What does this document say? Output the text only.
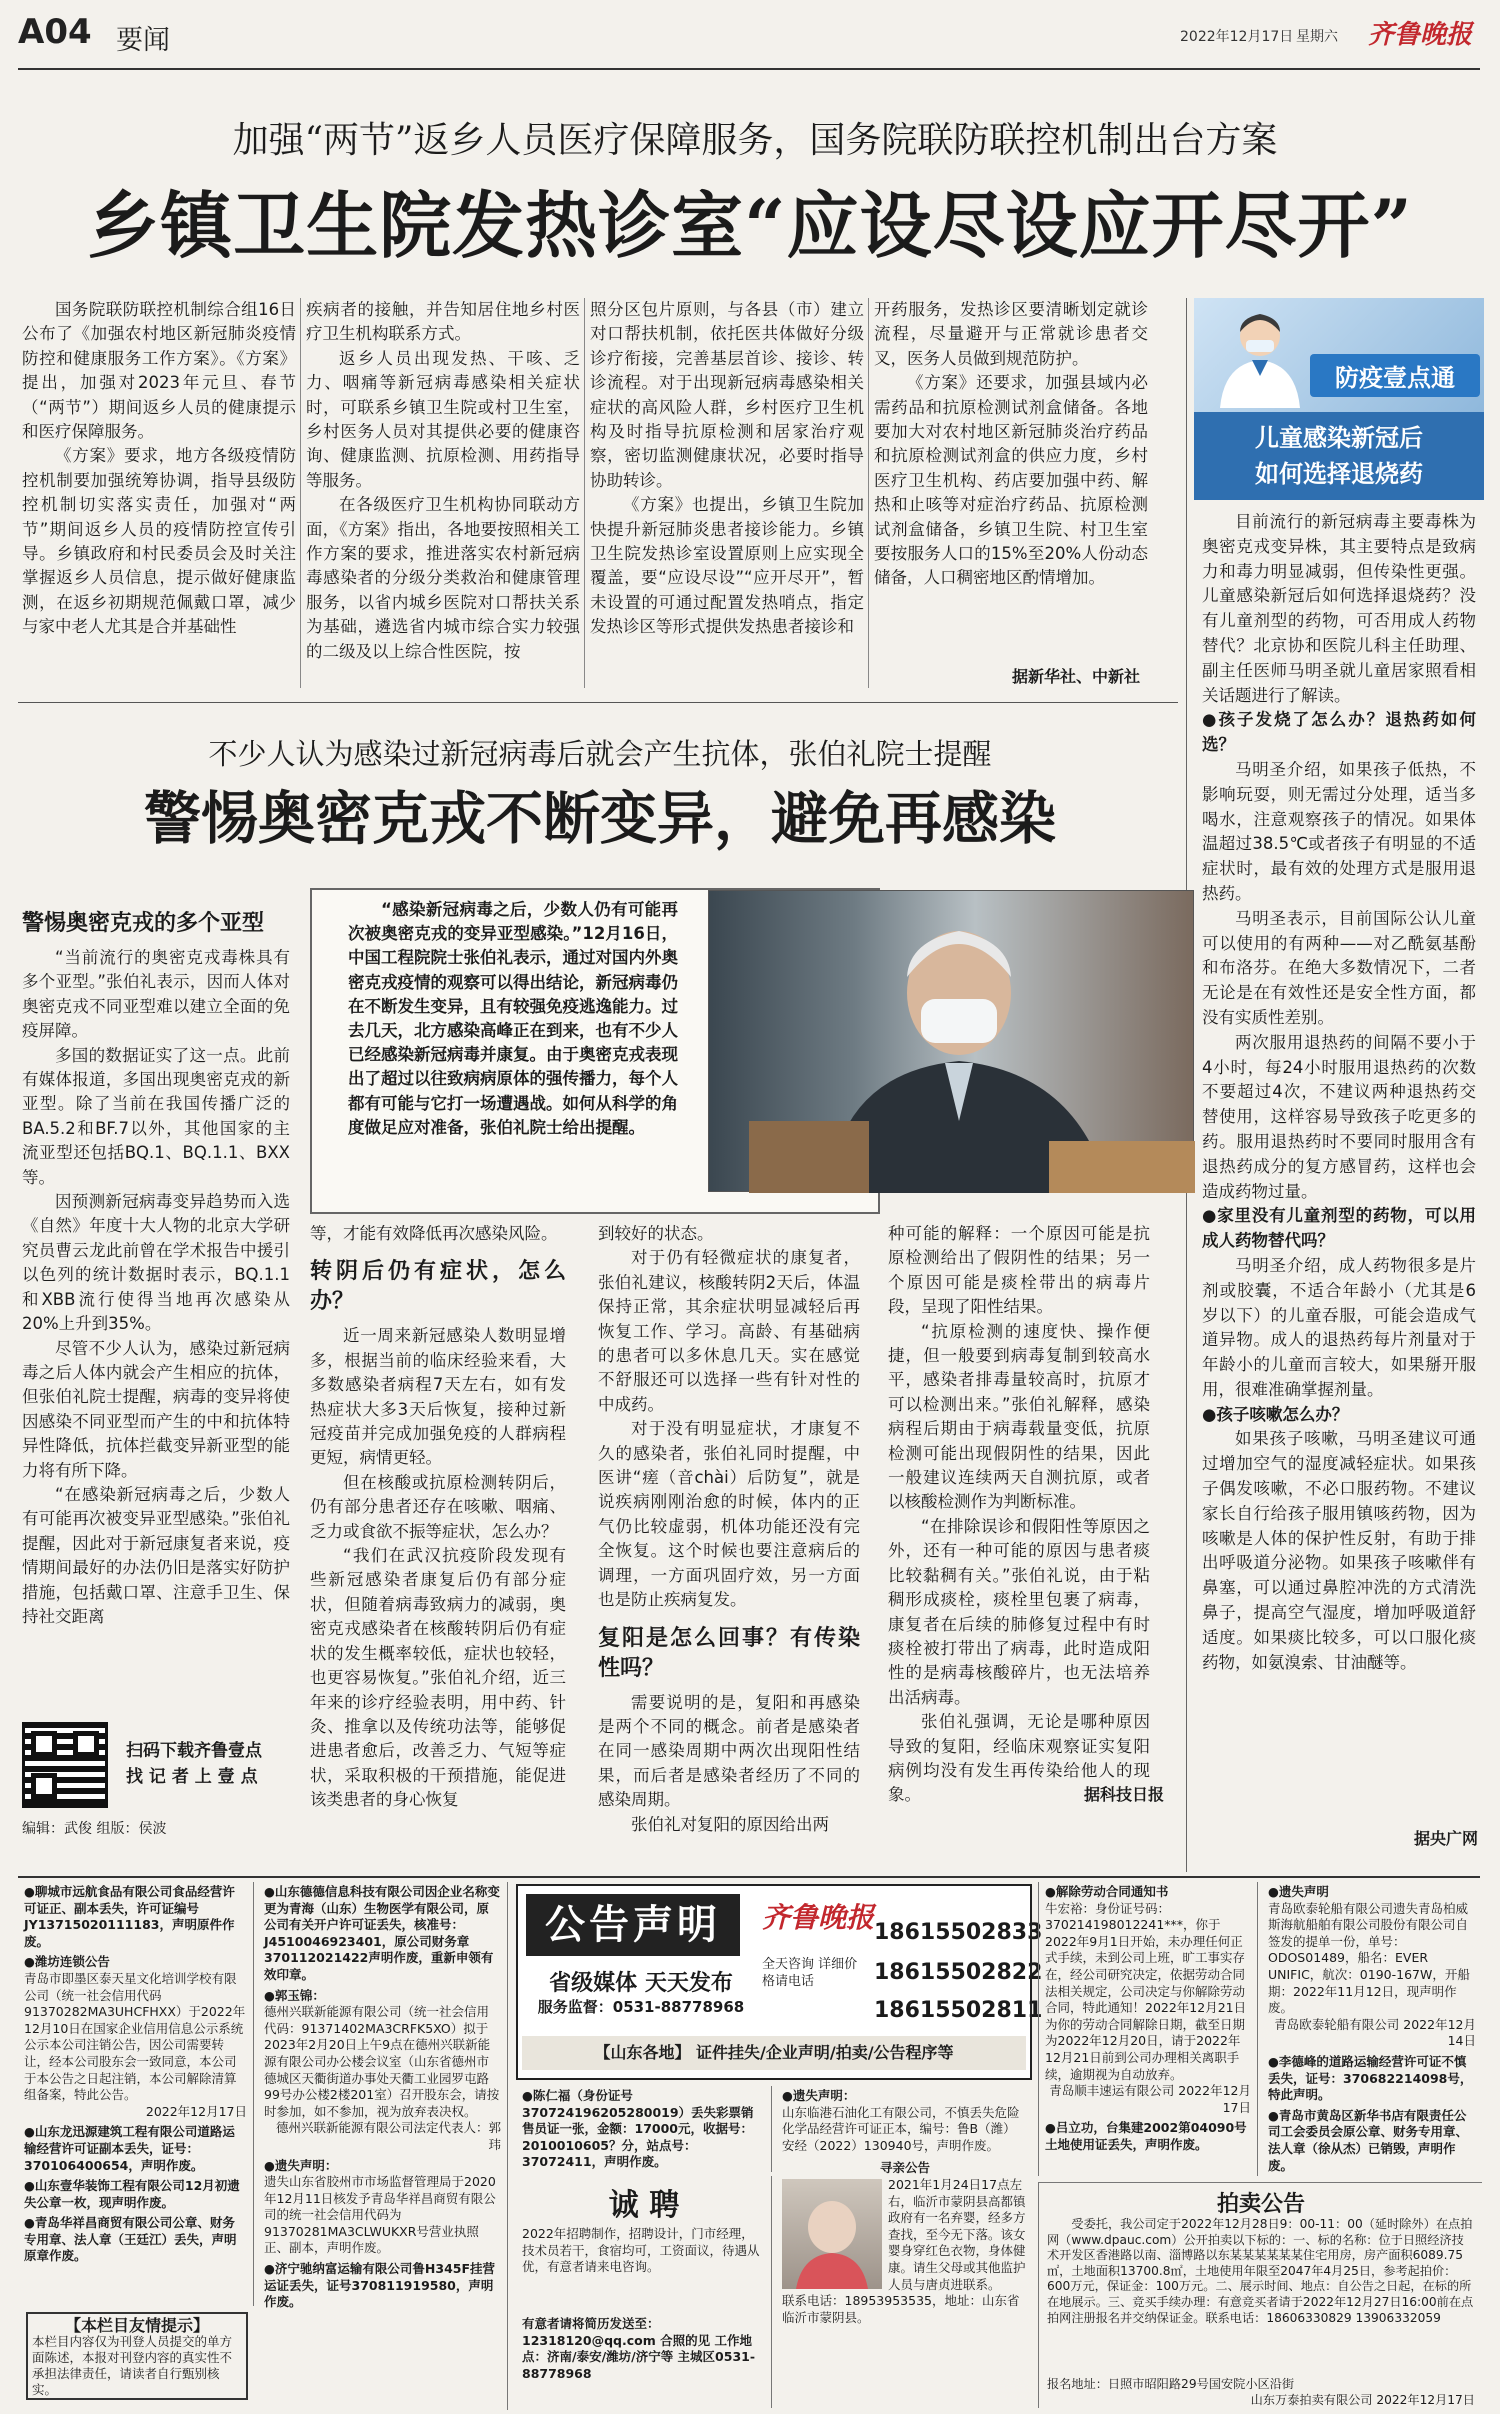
A04 要闻	2022年12月17日 星期六 齐鲁晚报
加强“两节”返乡人员医疗保障服务，国务院联防联控机制出台方案
乡镇卫生院发热诊室“应设尽设应开尽开”

国务院联防联控机制综合组16日公布了《加强农村地区新冠肺炎疫情防控和健康服务工作方案》。《方案》提出，加强对2023年元旦、春节（“两节”）期间返乡人员的健康提示和医疗保障服务。

《方案》要求，地方各级疫情防控机制要加强统筹协调，指导县级防控机制切实落实责任，加强对“两节”期间返乡人员的疫情防控宣传引导。乡镇政府和村民委员会及时关注掌握返乡人员信息，提示做好健康监测，在返乡初期规范佩戴口罩，减少与家中老人尤其是合并基础性

疾病者的接触，并告知居住地乡村医疗卫生机构联系方式。

返乡人员出现发热、干咳、乏力、咽痛等新冠病毒感染相关症状时，可联系乡镇卫生院或村卫生室，乡村医务人员对其提供必要的健康咨询、健康监测、抗原检测、用药指导等服务。

在各级医疗卫生机构协同联动方面，《方案》指出，各地要按照相关工作方案的要求，推进落实农村新冠病毒感染者的分级分类救治和健康管理服务，以省内城乡医院对口帮扶关系为基础，遴选省内城市综合实力较强的二级及以上综合性医院，按

照分区包片原则，与各县（市）建立对口帮扶机制，依托医共体做好分级诊疗衔接，完善基层首诊、接诊、转诊流程。对于出现新冠病毒感染相关症状的高风险人群，乡村医疗卫生机构及时指导抗原检测和居家治疗观察，密切监测健康状况，必要时指导协助转诊。

《方案》也提出，乡镇卫生院加快提升新冠肺炎患者接诊能力。乡镇卫生院发热诊室设置原则上应实现全覆盖，要“应设尽设”“应开尽开”，暂未设置的可通过配置发热哨点，指定发热诊区等形式提供发热患者接诊和

开药服务，发热诊区要清晰划定就诊流程，尽量避开与正常就诊患者交叉，医务人员做到规范防护。

《方案》还要求，加强县域内必需药品和抗原检测试剂盒储备。各地要加大对农村地区新冠肺炎治疗药品和抗原检测试剂盒的供应力度，乡村医疗卫生机构、药店要加强中药、解热和止咳等对症治疗药品、抗原检测试剂盒储备，乡镇卫生院、村卫生室要按服务人口的15%至20%人份动态储备，人口稠密地区酌情增加。

据新华社、中新社
防疫壹点通
儿童感染新冠后
如何选择退烧药

目前流行的新冠病毒主要毒株为奥密克戎变异株，其主要特点是致病力和毒力明显减弱，但传染性更强。儿童感染新冠后如何选择退烧药？没有儿童剂型的药物，可否用成人药物替代？北京协和医院儿科主任助理、副主任医师马明圣就儿童居家照看相关话题进行了解读。

●孩子发烧了怎么办？退热药如何选？

马明圣介绍，如果孩子低热，不影响玩耍，则无需过分处理，适当多喝水，注意观察孩子的情况。如果体温超过38.5℃或者孩子有明显的不适症状时，最有效的处理方式是服用退热药。

马明圣表示，目前国际公认儿童可以使用的有两种——对乙酰氨基酚和布洛芬。在绝大多数情况下，二者无论是在有效性还是安全性方面，都没有实质性差别。

两次服用退热药的间隔不要小于4小时，每24小时服用退热药的次数不要超过4次，不建议两种退热药交替使用，这样容易导致孩子吃更多的药。服用退热药时不要同时服用含有退热药成分的复方感冒药，这样也会造成药物过量。

●家里没有儿童剂型的药物，可以用成人药物替代吗？

马明圣介绍，成人药物很多是片剂或胶囊，不适合年龄小（尤其是6岁以下）的儿童吞服，可能会造成气道异物。成人的退热药每片剂量对于年龄小的儿童而言较大，如果掰开服用，很难准确掌握剂量。

●孩子咳嗽怎么办？

如果孩子咳嗽，马明圣建议可通过增加空气的湿度减轻症状。如果孩子偶发咳嗽，不必口服药物。不建议家长自行给孩子服用镇咳药物，因为咳嗽是人体的保护性反射，有助于排出呼吸道分泌物。如果孩子咳嗽伴有鼻塞，可以通过鼻腔冲洗的方式清洗鼻子，提高空气湿度，增加呼吸道舒适度。如果痰比较多，可以口服化痰药物，如氨溴索、甘油醚等。

据央广网
不少人认为感染过新冠病毒后就会产生抗体，张伯礼院士提醒
警惕奥密克戎不断变异，避免再感染

警惕奥密克戎的多个亚型

“当前流行的奥密克戎毒株具有多个亚型。”张伯礼表示，因而人体对奥密克戎不同亚型难以建立全面的免疫屏障。

多国的数据证实了这一点。此前有媒体报道，多国出现奥密克戎的新亚型。除了当前在我国传播广泛的BA.5.2和BF.7以外，其他国家的主流亚型还包括BQ.1、BQ.1.1、BXX等。

因预测新冠病毒变异趋势而入选《自然》年度十大人物的北京大学研究员曹云龙此前曾在学术报告中援引以色列的统计数据时表示，BQ.1.1和XBB流行使得当地再次感染从20%上升到35%。

尽管不少人认为，感染过新冠病毒之后人体内就会产生相应的抗体，但张伯礼院士提醒，病毒的变异将使因感染不同亚型而产生的中和抗体特异性降低，抗体拦截变异新亚型的能力将有所下降。

“在感染新冠病毒之后，少数人有可能再次被变异亚型感染。”张伯礼提醒，因此对于新冠康复者来说，疫情期间最好的办法仍旧是落实好防护措施，包括戴口罩、注意手卫生、保持社交距离

“感染新冠病毒之后，少数人仍有可能再次被奥密克戎的变异亚型感染。”12月16日，中国工程院院士张伯礼表示，通过对国内外奥密克戎疫情的观察可以得出结论，新冠病毒仍在不断发生变异，且有较强免疫逃逸能力。过去几天，北方感染高峰正在到来，也有不少人已经感染新冠病毒并康复。由于奥密克戎表现出了超过以往致病病原体的强传播力，每个人都有可能与它打一场遭遇战。如何从科学的角度做足应对准备，张伯礼院士给出提醒。

等，才能有效降低再次感染风险。

转阴后仍有症状，怎么办？

近一周来新冠感染人数明显增多，根据当前的临床经验来看，大多数感染者病程7天左右，如有发热症状大多3天后恢复，接种过新冠疫苗并完成加强免疫的人群病程更短，病情更轻。

但在核酸或抗原检测转阴后，仍有部分患者还存在咳嗽、咽痛、乏力或食欲不振等症状，怎么办？

“我们在武汉抗疫阶段发现有些新冠感染者康复后仍有部分症状，但随着病毒致病力的减弱，奥密克戎感染者在核酸转阴后仍有症状的发生概率较低，症状也较轻，也更容易恢复。”张伯礼介绍，近三年来的诊疗经验表明，用中药、针灸、推拿以及传统功法等，能够促进患者愈后，改善乏力、气短等症状，采取积极的干预措施，能促进该类患者的身心恢复

到较好的状态。

对于仍有轻微症状的康复者，张伯礼建议，核酸转阴2天后，体温保持正常，其余症状明显减轻后再恢复工作、学习。高龄、有基础病的患者可以多休息几天。实在感觉不舒服还可以选择一些有针对性的中成药。

对于没有明显症状，才康复不久的感染者，张伯礼同时提醒，中医讲“瘥（音chài）后防复”，就是说疾病刚刚治愈的时候，体内的正气仍比较虚弱，机体功能还没有完全恢复。这个时候也要注意病后的调理，一方面巩固疗效，另一方面也是防止疾病复发。

复阳是怎么回事？有传染性吗？

需要说明的是，复阳和再感染是两个不同的概念。前者是感染者在同一感染周期中两次出现阳性结果，而后者是感染者经历了不同的感染周期。

张伯礼对复阳的原因给出两

种可能的解释：一个原因可能是抗原检测给出了假阴性的结果；另一个原因可能是痰栓带出的病毒片段，呈现了阳性结果。

“抗原检测的速度快、操作便捷，但一般要到病毒复制到较高水平，感染者排毒量较高时，抗原才可以检测出来。”张伯礼解释，感染病程后期由于病毒载量变低，抗原检测可能出现假阴性的结果，因此一般建议连续两天自测抗原，或者以核酸检测作为判断标准。

“在排除误诊和假阳性等原因之外，还有一种可能的原因与患者痰比较黏稠有关。”张伯礼说，由于粘稠形成痰栓，痰栓里包裹了病毒，康复者在后续的肺修复过程中有时痰栓被打带出了病毒，此时造成阳性的是病毒核酸碎片，也无法培养出活病毒。

张伯礼强调，无论是哪种原因导致的复阳，经临床观察证实复阳病例均没有发生再传染给他人的现象。	据科技日报
扫码下载齐鲁壹点
找 记 者 上 壹 点
编辑：武俊 组版：侯波

●聊城市远航食品有限公司食品经营许可证正、副本丢失，许可证编号JY13715020111183，声明原件作废。

●潍坊连锁公告

青岛市即墨区泰天星文化培训学校有限公司（统一社会信用代码91370282MA3UHCFHXX）于2022年12月10日在国家企业信用信息公示系统公示本公司注销公告，因公司需要转让，经本公司股东会一致同意，本公司于本公告之日起注销，本公司解除清算组备案，特此公告。

2022年12月17日

●山东龙迅源建筑工程有限公司道路运输经营许可证副本丢失，证号：370106400654，声明作废。

●山东壹华装饰工程有限公司12月初遗失公章一枚，现声明作废。

●青岛华祥昌商贸有限公司公章、财务专用章、法人章（王廷江）丢失，声明原章作废。

【本栏目友情提示】
本栏目内容仅为刊登人员提交的单方面陈述，本报对刊登内容的真实性不承担法律责任，请读者自行甄别核实。

●山东德德信息科技有限公司因企业名称变更为青海（山东）生物医学有限公司，原公司有关开户许可证丢失，核准号：J4510046923401，原公司财务章370112021422声明作废，重新申领有效印章。

●郭玉锦：

德州兴联新能源有限公司（统一社会信用代码：91371402MA3CRFK5XO）拟于2023年2月20日上午9点在德州兴联新能源有限公司办公楼会议室（山东省德州市德城区天衢街道办事处天衢工业园罗屯路99号办公楼2楼201室）召开股东会，请按时参加，如不参加，视为放弃表决权。

德州兴联新能源有限公司法定代表人：郭玮

●遗失声明：

遗失山东省胶州市市场监督管理局于2020年12月11日核发予青岛华祥昌商贸有限公司的统一社会信用代码为91370281MA3CLWUKXR号营业执照正、副本，声明作废。

●济宁驰纳富运输有限公司鲁H345F挂营运证丢失，证号370811919580，声明作废。

公告声明	齐鲁晚报 18615502833
省级媒体 天天发布
全天咨询 详细价格请电话	18615502822
服务监督：0531-88778968	18615502811
【山东各地】 证件挂失/企业声明/拍卖/公告程序等

●陈仁福（身份证号370724196205280019）丢失彩票销售员证一张，金额：17000元，收据号：2010010605？分，站点号：37072411，声明作废。

●遗失声明：

山东临港石油化工有限公司，不慎丢失危险化学品经营许可证正本，编号：鲁B（潍）安经（2022）130940号，声明作废。

寻亲公告

2021年1月24日17点左右，临沂市蒙阴县高都镇政府有一名弃婴，经多方查找，至今无下落。该女婴身穿红色衣物，身体健康。请生父母或其他监护人员与唐贞进联系。

联系电话：18953953535，地址：山东省临沂市蒙阴县。

诚 聘
2022年招聘制作，招聘设计，门市经理，技术员若干，食宿均可，工资面议，待遇从优，有意者请来电咨询。
有意者请将简历发送至：12318120@qq.com 合照的见 工作地点：济南/泰安/潍坊/济宁等 主城区0531-88778968

●解除劳动合同通知书

牛宏裕：身份证号码：370214198012241***，你于2022年9月1日开始，未办理任何正式手续，未到公司上班，旷工事实存在，经公司研究决定，依据劳动合同法相关规定，公司决定与你解除劳动合同，特此通知！2022年12月21日为你的劳动合同解除日期，截至日期为2022年12月20日，请于2022年12月21日前到公司办理相关离职手续，逾期视为自动放弃。

青岛顺丰速运有限公司 2022年12月17日

●吕立功，台集建2002第04090号土地使用证丢失，声明作废。

●遗失声明

青岛欧泰轮船有限公司遗失青岛柏威斯海航船舶有限公司股份有限公司自签发的提单一份，单号：ODOS01489，船名：EVER UNIFIC，航次：0190-167W，开船期：2022年11月12日，现声明作废。

青岛欧泰轮船有限公司 2022年12月14日

●李德峰的道路运输经营许可证不慎丢失，证号：370682214098号，特此声明。

●青岛市黄岛区新华书店有限责任公司工会委员会原公章、财务专用章、法人章（徐从杰）已销毁，声明作废。

拍卖公告
受委托，我公司定于2022年12月28日9：00-11：00（延时除外）在点拍网（www.dpauc.com）公开拍卖以下标的：一、标的名称：位于日照经济技术开发区香港路以南、淄博路以东某某某某某某住宅用房，房产面积6089.75㎡，土地面积13700.8㎡，土地使用年限至2047年4月25日，参考起拍价：600万元，保证金：100万元。二、展示时间、地点：自公告之日起，在标的所在地展示。三、竞买手续办理：有意竞买者请于2022年12月27日16:00前在点拍网注册报名并交纳保证金。联系电话：18606330829 13906332059
报名地址：日照市昭阳路29号国安院小区沿街
山东万泰拍卖有限公司 2022年12月17日
